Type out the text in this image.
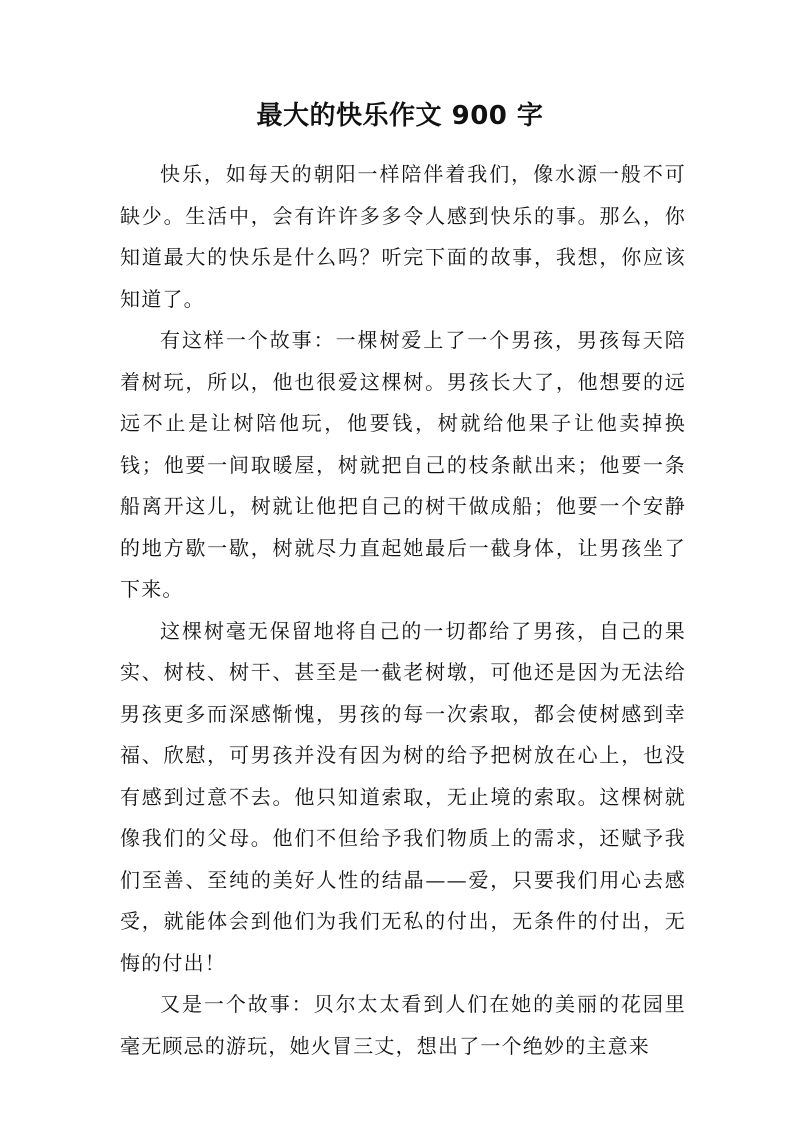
最大的快乐作文 900 字

快乐，如每天的朝阳一样陪伴着我们，像水源一般不可缺少。生活中，会有许许多多令人感到快乐的事。那么，你知道最大的快乐是什么吗？听完下面的故事，我想，你应该知道了。

有这样一个故事：一棵树爱上了一个男孩，男孩每天陪着树玩，所以，他也很爱这棵树。男孩长大了，他想要的远远不止是让树陪他玩，他要钱，树就给他果子让他卖掉换钱；他要一间取暖屋，树就把自己的枝条献出来；他要一条船离开这儿，树就让他把自己的树干做成船；他要一个安静的地方歇一歇，树就尽力直起她最后一截身体，让男孩坐了下来。

这棵树毫无保留地将自己的一切都给了男孩，自己的果实、树枝、树干、甚至是一截老树墩，可他还是因为无法给男孩更多而深感惭愧，男孩的每一次索取，都会使树感到幸福、欣慰，可男孩并没有因为树的给予把树放在心上，也没有感到过意不去。他只知道索取，无止境的索取。这棵树就像我们的父母。他们不但给予我们物质上的需求，还赋予我们至善、至纯的美好人性的结晶——爱，只要我们用心去感受，就能体会到他们为我们无私的付出，无条件的付出，无悔的付出！

又是一个故事：贝尔太太看到人们在她的美丽的花园里毫无顾忌的游玩，她火冒三丈，想出了一个绝妙的主意来
